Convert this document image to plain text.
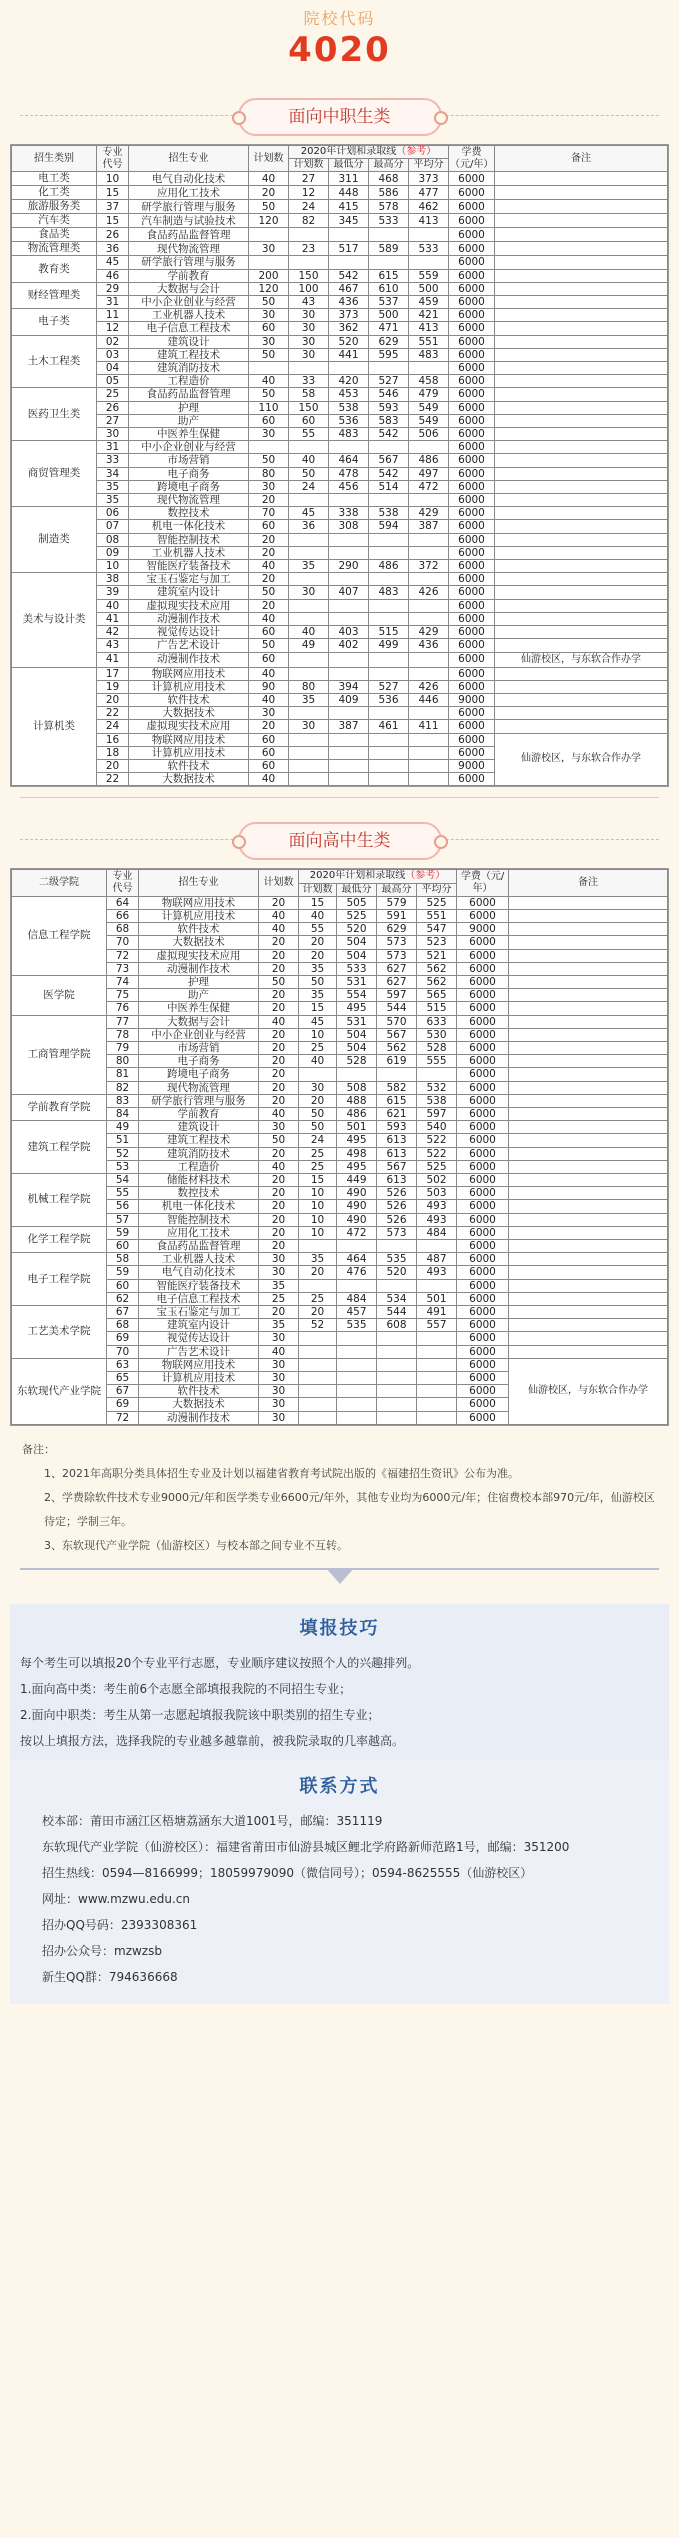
院校代码
4020
面向中职生类
招生类别	专业代号	招生专业	计划数	2020年计划和录取线（参考）				学费（元/年）	备注
				计划数	最低分	最高分	平均分		
电工类	10	电气自动化技术	40	27	311	468	373	6000	
化工类	15	应用化工技术	20	12	448	586	477	6000	
旅游服务类	37	研学旅行管理与服务	50	24	415	578	462	6000	
汽车类	15	汽车制造与试验技术	120	82	345	533	413	6000	
食品类	26	食品药品监督管理						6000	
物流管理类	36	现代物流管理	30	23	517	589	533	6000	
教育类	45	研学旅行管理与服务						6000	
	46	学前教育	200	150	542	615	559	6000	
财经管理类	29	大数据与会计	120	100	467	610	500	6000	
	31	中小企业创业与经营	50	43	436	537	459	6000	
电子类	11	工业机器人技术	30	30	373	500	421	6000	
	12	电子信息工程技术	60	30	362	471	413	6000	
土木工程类	02	建筑设计	30	30	520	629	551	6000	
	03	建筑工程技术	50	30	441	595	483	6000	
	04	建筑消防技术						6000	
	05	工程造价	40	33	420	527	458	6000	
医药卫生类	25	食品药品监督管理	50	58	453	546	479	6000	
	26	护理	110	150	538	593	549	6000	
	27	助产	60	60	536	583	549	6000	
	30	中医养生保健	30	55	483	542	506	6000	
商贸管理类	31	中小企业创业与经营						6000	
	33	市场营销	50	40	464	567	486	6000	
	34	电子商务	80	50	478	542	497	6000	
	35	跨境电子商务	30	24	456	514	472	6000	
	35	现代物流管理	20					6000	
制造类	06	数控技术	70	45	338	538	429	6000	
	07	机电一体化技术	60	36	308	594	387	6000	
	08	智能控制技术	20					6000	
	09	工业机器人技术	20					6000	
	10	智能医疗装备技术	40	35	290	486	372	6000	
美术与设计类	38	宝玉石鉴定与加工	20					6000	
	39	建筑室内设计	50	30	407	483	426	6000	
	40	虚拟现实技术应用	20					6000	
	41	动漫制作技术	40					6000	
	42	视觉传达设计	60	40	403	515	429	6000	
	43	广告艺术设计	50	49	402	499	436	6000	
	41	动漫制作技术	60					6000	仙游校区，与东软合作办学
计算机类	17	物联网应用技术	40					6000	
	19	计算机应用技术	90	80	394	527	426	6000	
	20	软件技术	40	35	409	536	446	9000	
	22	大数据技术	30					6000	
	24	虚拟现实技术应用	20	30	387	461	411	6000	
	16	物联网应用技术	60					6000	仙游校区，与东软合作办学
	18	计算机应用技术	60					6000	
	20	软件技术	60					9000	
	22	大数据技术	40					6000	
面向高中生类
二级学院	专业代号	招生专业	计划数	2020年计划和录取线（参考）				学费（元/年）	备注
				计划数	最低分	最高分	平均分		
信息工程学院	64	物联网应用技术	20	15	505	579	525	6000	
	66	计算机应用技术	40	40	525	591	551	6000	
	68	软件技术	40	55	520	629	547	9000	
	70	大数据技术	20	20	504	573	523	6000	
	72	虚拟现实技术应用	20	20	504	573	521	6000	
	73	动漫制作技术	20	35	533	627	562	6000	
医学院	74	护理	50	50	531	627	562	6000	
	75	助产	20	35	554	597	565	6000	
	76	中医养生保健	20	15	495	544	515	6000	
工商管理学院	77	大数据与会计	40	45	531	570	633	6000	
	78	中小企业创业与经营	20	10	504	567	530	6000	
	79	市场营销	20	25	504	562	528	6000	
	80	电子商务	20	40	528	619	555	6000	
	81	跨境电子商务	20					6000	
	82	现代物流管理	20	30	508	582	532	6000	
学前教育学院	83	研学旅行管理与服务	20	20	488	615	538	6000	
	84	学前教育	40	50	486	621	597	6000	
建筑工程学院	49	建筑设计	30	50	501	593	540	6000	
	51	建筑工程技术	50	24	495	613	522	6000	
	52	建筑消防技术	20	25	498	613	522	6000	
	53	工程造价	40	25	495	567	525	6000	
机械工程学院	54	储能材料技术	20	15	449	613	502	6000	
	55	数控技术	20	10	490	526	503	6000	
	56	机电一体化技术	20	10	490	526	493	6000	
	57	智能控制技术	20	10	490	526	493	6000	
化学工程学院	59	应用化工技术	20	10	472	573	484	6000	
	60	食品药品监督管理	20					6000	
电子工程学院	58	工业机器人技术	30	35	464	535	487	6000	
	59	电气自动化技术	30	20	476	520	493	6000	
	60	智能医疗装备技术	35					6000	
	62	电子信息工程技术	25	25	484	534	501	6000	
工艺美术学院	67	宝玉石鉴定与加工	20	20	457	544	491	6000	
	68	建筑室内设计	35	52	535	608	557	6000	
	69	视觉传达设计	30					6000	
	70	广告艺术设计	40					6000	
东软现代产业学院	63	物联网应用技术	30					6000	仙游校区，与东软合作办学
	65	计算机应用技术	30					6000	
	67	软件技术	30					6000	
	69	大数据技术	30					6000	
	72	动漫制作技术	30					6000	

备注：

1、2021年高职分类具体招生专业及计划以福建省教育考试院出版的《福建招生资讯》公布为准。

2、学费除软件技术专业9000元/年和医学类专业6600元/年外，其他专业均为6000元/年；住宿费校本部970元/年，仙游校区待定；学制三年。

3、东软现代产业学院（仙游校区）与校本部之间专业不互转。

填报技巧
每个考生可以填报20个专业平行志愿，专业顺序建议按照个人的兴趣排列。
1.面向高中类：考生前6个志愿全部填报我院的不同招生专业；
2.面向中职类：考生从第一志愿起填报我院该中职类别的招生专业；
按以上填报方法，选择我院的专业越多越靠前，被我院录取的几率越高。
联系方式
校本部：莆田市涵江区梧塘荔涵东大道1001号，邮编：351119
东软现代产业学院（仙游校区）：福建省莆田市仙游县城区鲤北学府路新师范路1号，邮编：351200
招生热线：0594—8166999；18059979090（微信同号）；0594-8625555（仙游校区）
网址：www.mzwu.edu.cn
招办QQ号码：2393308361
招办公众号：mzwzsb
新生QQ群：794636668
